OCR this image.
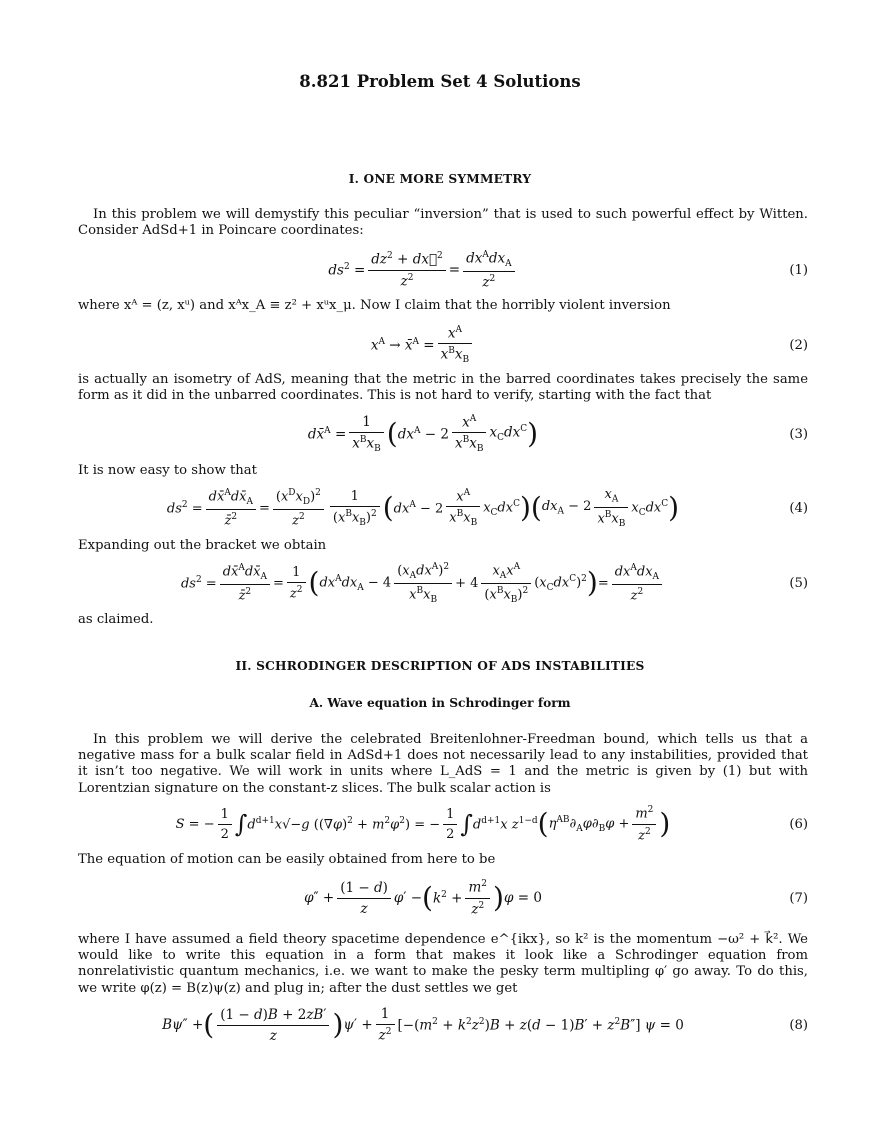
8.821 Problem Set 4 Solutions
I. ONE MORE SYMMETRY
In this problem we will demystify this peculiar “inversion” that is used to such powerful effect by Witten. Consider AdSd+1 in Poincare coordinates:
$ds^2 = \frac{dz^2 + dx⃗^2}{z^2} = \frac{dx^Adx_A}{z^2}$	(1)
where xᴬ = (z, xᵘ) and xᴬx_A ≡ z² + xᵘx_μ. Now I claim that the horribly violent inversion
$x^A$ → x̄$^A$ = $\frac{x^A}{x^Bx_B}$	(2)
is actually an isometry of AdS, meaning that the metric in the barred coordinates takes precisely the same form as it did in the unbarred coordinates. This is not hard to verify, starting with the fact that
dx̄$^A$ = $\frac{1}{x^Bx_B}$ ( $dx^A - 2 \frac{x^A}{x^Bx_B} x_Cdx^C$ )	(3)
It is now easy to show that
$ds^2 = \frac{dx̄^Adx̄_A}{z̄^2} = \frac{(x^Dx_D)^2}{z^2} \frac{1}{(x^Bx_B)^2}$ ( $dx^A - 2 \frac{x^A}{x^Bx_B} x_Cdx^C$ ) ( $dx_A - 2 \frac{x_A}{x^Bx_B} x_Cdx^C$ )	(4)
Expanding out the bracket we obtain
$ds^2 = \frac{dx̄^Adx̄_A}{z̄^2} = \frac{1}{z^2}$ ( $dx^Adx_A - 4 \frac{(x_Adx^A)^2}{x^Bx_B} + 4 \frac{x_Ax^A}{(x^Bx_B)^2} (x_Cdx^C)^2$ ) = $\frac{dx^Adx_A}{z^2}$	(5)
as claimed.
II. SCHRODINGER DESCRIPTION OF ADS INSTABILITIES
A. Wave equation in Schrodinger form
In this problem we will derive the celebrated Breitenlohner-Freedman bound, which tells us that a negative mass for a bulk scalar field in AdSd+1 does not necessarily lead to any instabilities, provided that it isn’t too negative. We will work in units where L_AdS = 1 and the metric is given by (1) but with Lorentzian signature on the constant-z slices. The bulk scalar action is
S = − $\frac{1}{2}$ ∫ $d^{d+1}x√-g$ $((\nabla\varphi)^2 + m^2\varphi^2)$ = − $\frac{1}{2}$ ∫ $d^{d+1}x$ $z^{1-d}$ ( $\eta^{AB}\partial_A\varphi\partial_B\varphi + \frac{m^2}{z^2}$ )	(6)
The equation of motion can be easily obtained from here to be
$\varphi'' + \frac{(1 - d)}{z} \varphi'$ − ( $k^2 + \frac{m^2}{z^2}$ ) φ = 0	(7)
where I have assumed a field theory spacetime dependence e^{ikx}, so k² is the momentum −ω² + k⃗². We would like to write this equation in a form that makes it look like a Schrodinger equation from nonrelativistic quantum mechanics, i.e. we want to make the pesky term multipling φ′ go away. To do this, we write φ(z) = B(z)ψ(z) and plug in; after the dust settles we get
Bψ″ + ( $\frac{(1 - d)B + 2zB'}{z}$ ) $\psi' + \frac{1}{z^2} [-(m^2 + k^2z^2)B + z(d - 1)B' + z^2B''] \psi = 0$	(8)
